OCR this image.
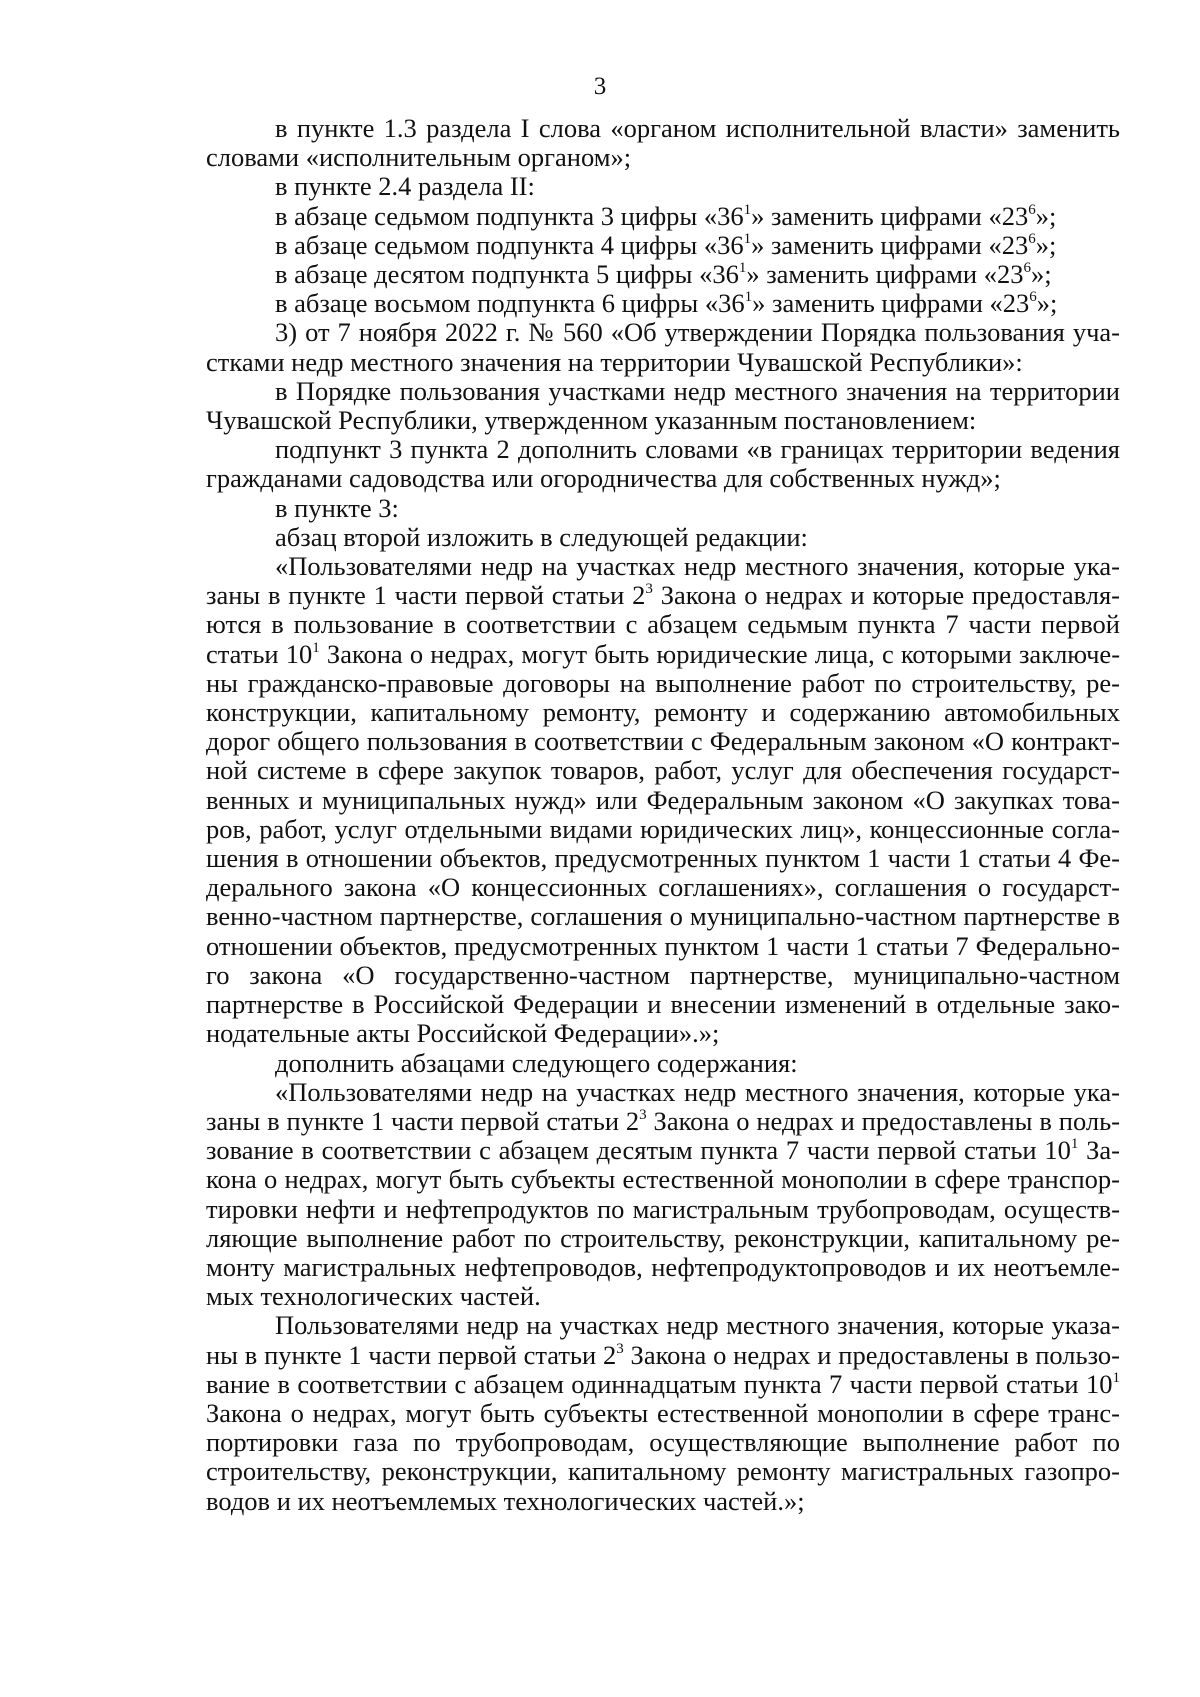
3

в пункте 1.3 раздела I слова «органом исполнительной власти» заменить словами «исполнительным органом»;

в пункте 2.4 раздела II:

в абзаце седьмом подпункта 3 цифры «$36^1$» заменить цифрами «$23^6$»;

в абзаце седьмом подпункта 4 цифры «$36^1$» заменить цифрами «$23^6$»;

в абзаце десятом подпункта 5 цифры «$36^1$» заменить цифрами «$23^6$»;

в абзаце восьмом подпункта 6 цифры «$36^1$» заменить цифрами «$23^6$»;

3) от 7 ноября 2022 г. № 560 «Об утверждении Порядка пользования участками недр местного значения на территории Чувашской Республики»:

в Порядке пользования участками недр местного значения на территории Чувашской Республики, утвержденном указанным постановлением:

подпункт 3 пункта 2 дополнить словами «в границах территории ведения гражданами садоводства или огородничества для собственных нужд»;

в пункте 3:

абзац второй изложить в следующей редакции:

«Пользователями недр на участках недр местного значения, которые указаны в пункте 1 части первой статьи $2^3$ Закона о недрах и которые предоставляются в пользование в соответствии с абзацем седьмым пункта 7 части первой статьи $10^1$ Закона о недрах, могут быть юридические лица, с которыми заключены гражданско-правовые договоры на выполнение работ по строительству, реконструкции, капитальному ремонту, ремонту и содержанию автомобильных дорог общего пользования в соответствии с Федеральным законом «О контрактной системе в сфере закупок товаров, работ, услуг для обеспечения государственных и муниципальных нужд» или Федеральным законом «О закупках товаров, работ, услуг отдельными видами юридических лиц», концессионные соглашения в отношении объектов, предусмотренных пунктом 1 части 1 статьи 4 Федерального закона «О концессионных соглашениях», соглашения о государственно-частном партнерстве, соглашения о муниципально-частном партнерстве в отношении объектов, предусмотренных пунктом 1 части 1 статьи 7 Федерального закона «О государственно-частном партнерстве, муниципально-частном партнерстве в Российской Федерации и внесении изменений в отдельные законодательные акты Российской Федерации».»;

дополнить абзацами следующего содержания:

«Пользователями недр на участках недр местного значения, которые указаны в пункте 1 части первой статьи $2^3$ Закона о недрах и предоставлены в пользование в соответствии с абзацем десятым пункта 7 части первой статьи $10^1$ Закона о недрах, могут быть субъекты естественной монополии в сфере транспортировки нефти и нефтепродуктов по магистральным трубопроводам, осуществляющие выполнение работ по строительству, реконструкции, капитальному ремонту магистральных нефтепроводов, нефтепродуктопроводов и их неотъемлемых технологических частей.

Пользователями недр на участках недр местного значения, которые указаны в пункте 1 части первой статьи $2^3$ Закона о недрах и предоставлены в пользование в соответствии с абзацем одиннадцатым пункта 7 части первой статьи $10^1$ Закона о недрах, могут быть субъекты естественной монополии в сфере транспортировки газа по трубопроводам, осуществляющие выполнение работ по строительству, реконструкции, капитальному ремонту магистральных газопроводов и их неотъемлемых технологических частей.»;
